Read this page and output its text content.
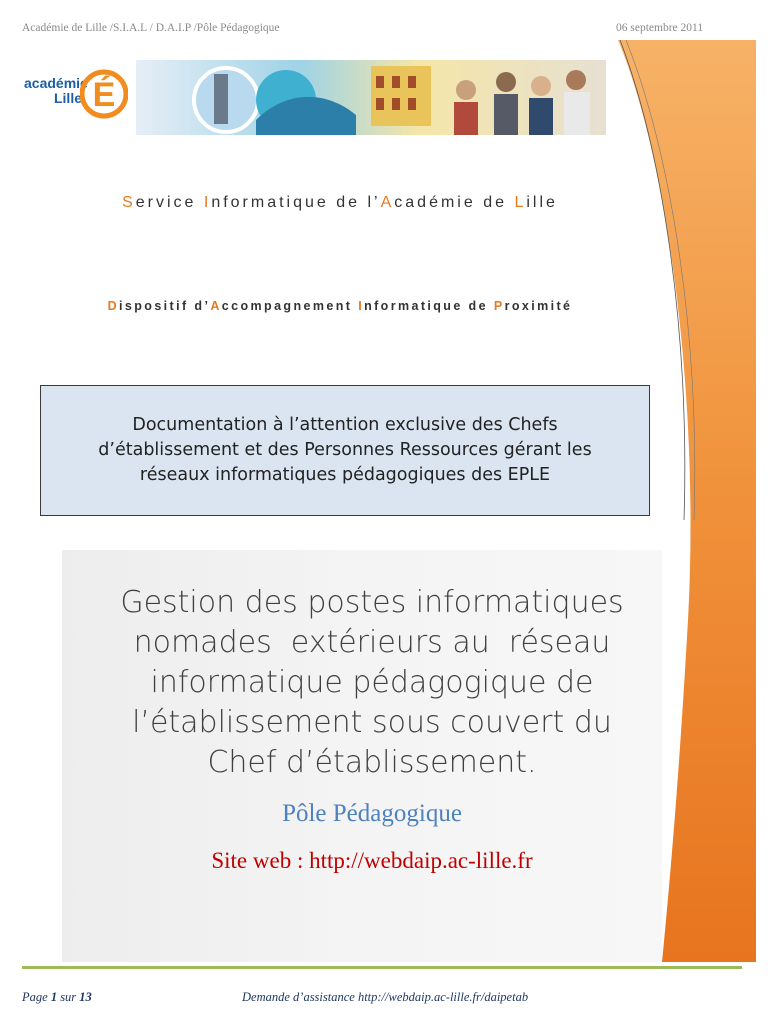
Académie de Lille /S.I.A.L / D.A.I.P /Pôle Pédagogique	06 septembre 2011
académie
Lille É
Service Informatique de l’Académie de Lille
Dispositif d’Accompagnement Informatique de Proximité
Documentation à l’attention exclusive des Chefs
d’établissement et des Personnes Ressources gérant les
réseaux informatiques pédagogiques des EPLE
Gestion des postes informatiques
nomades  extérieurs au  réseau
informatique pédagogique de
l’établissement sous couvert du
Chef d’établissement.
Pôle Pédagogique
Site web : http://webdaip.ac-lille.fr
Page 1 sur 13	Demande d’assistance http://webdaip.ac-lille.fr/daipetab
